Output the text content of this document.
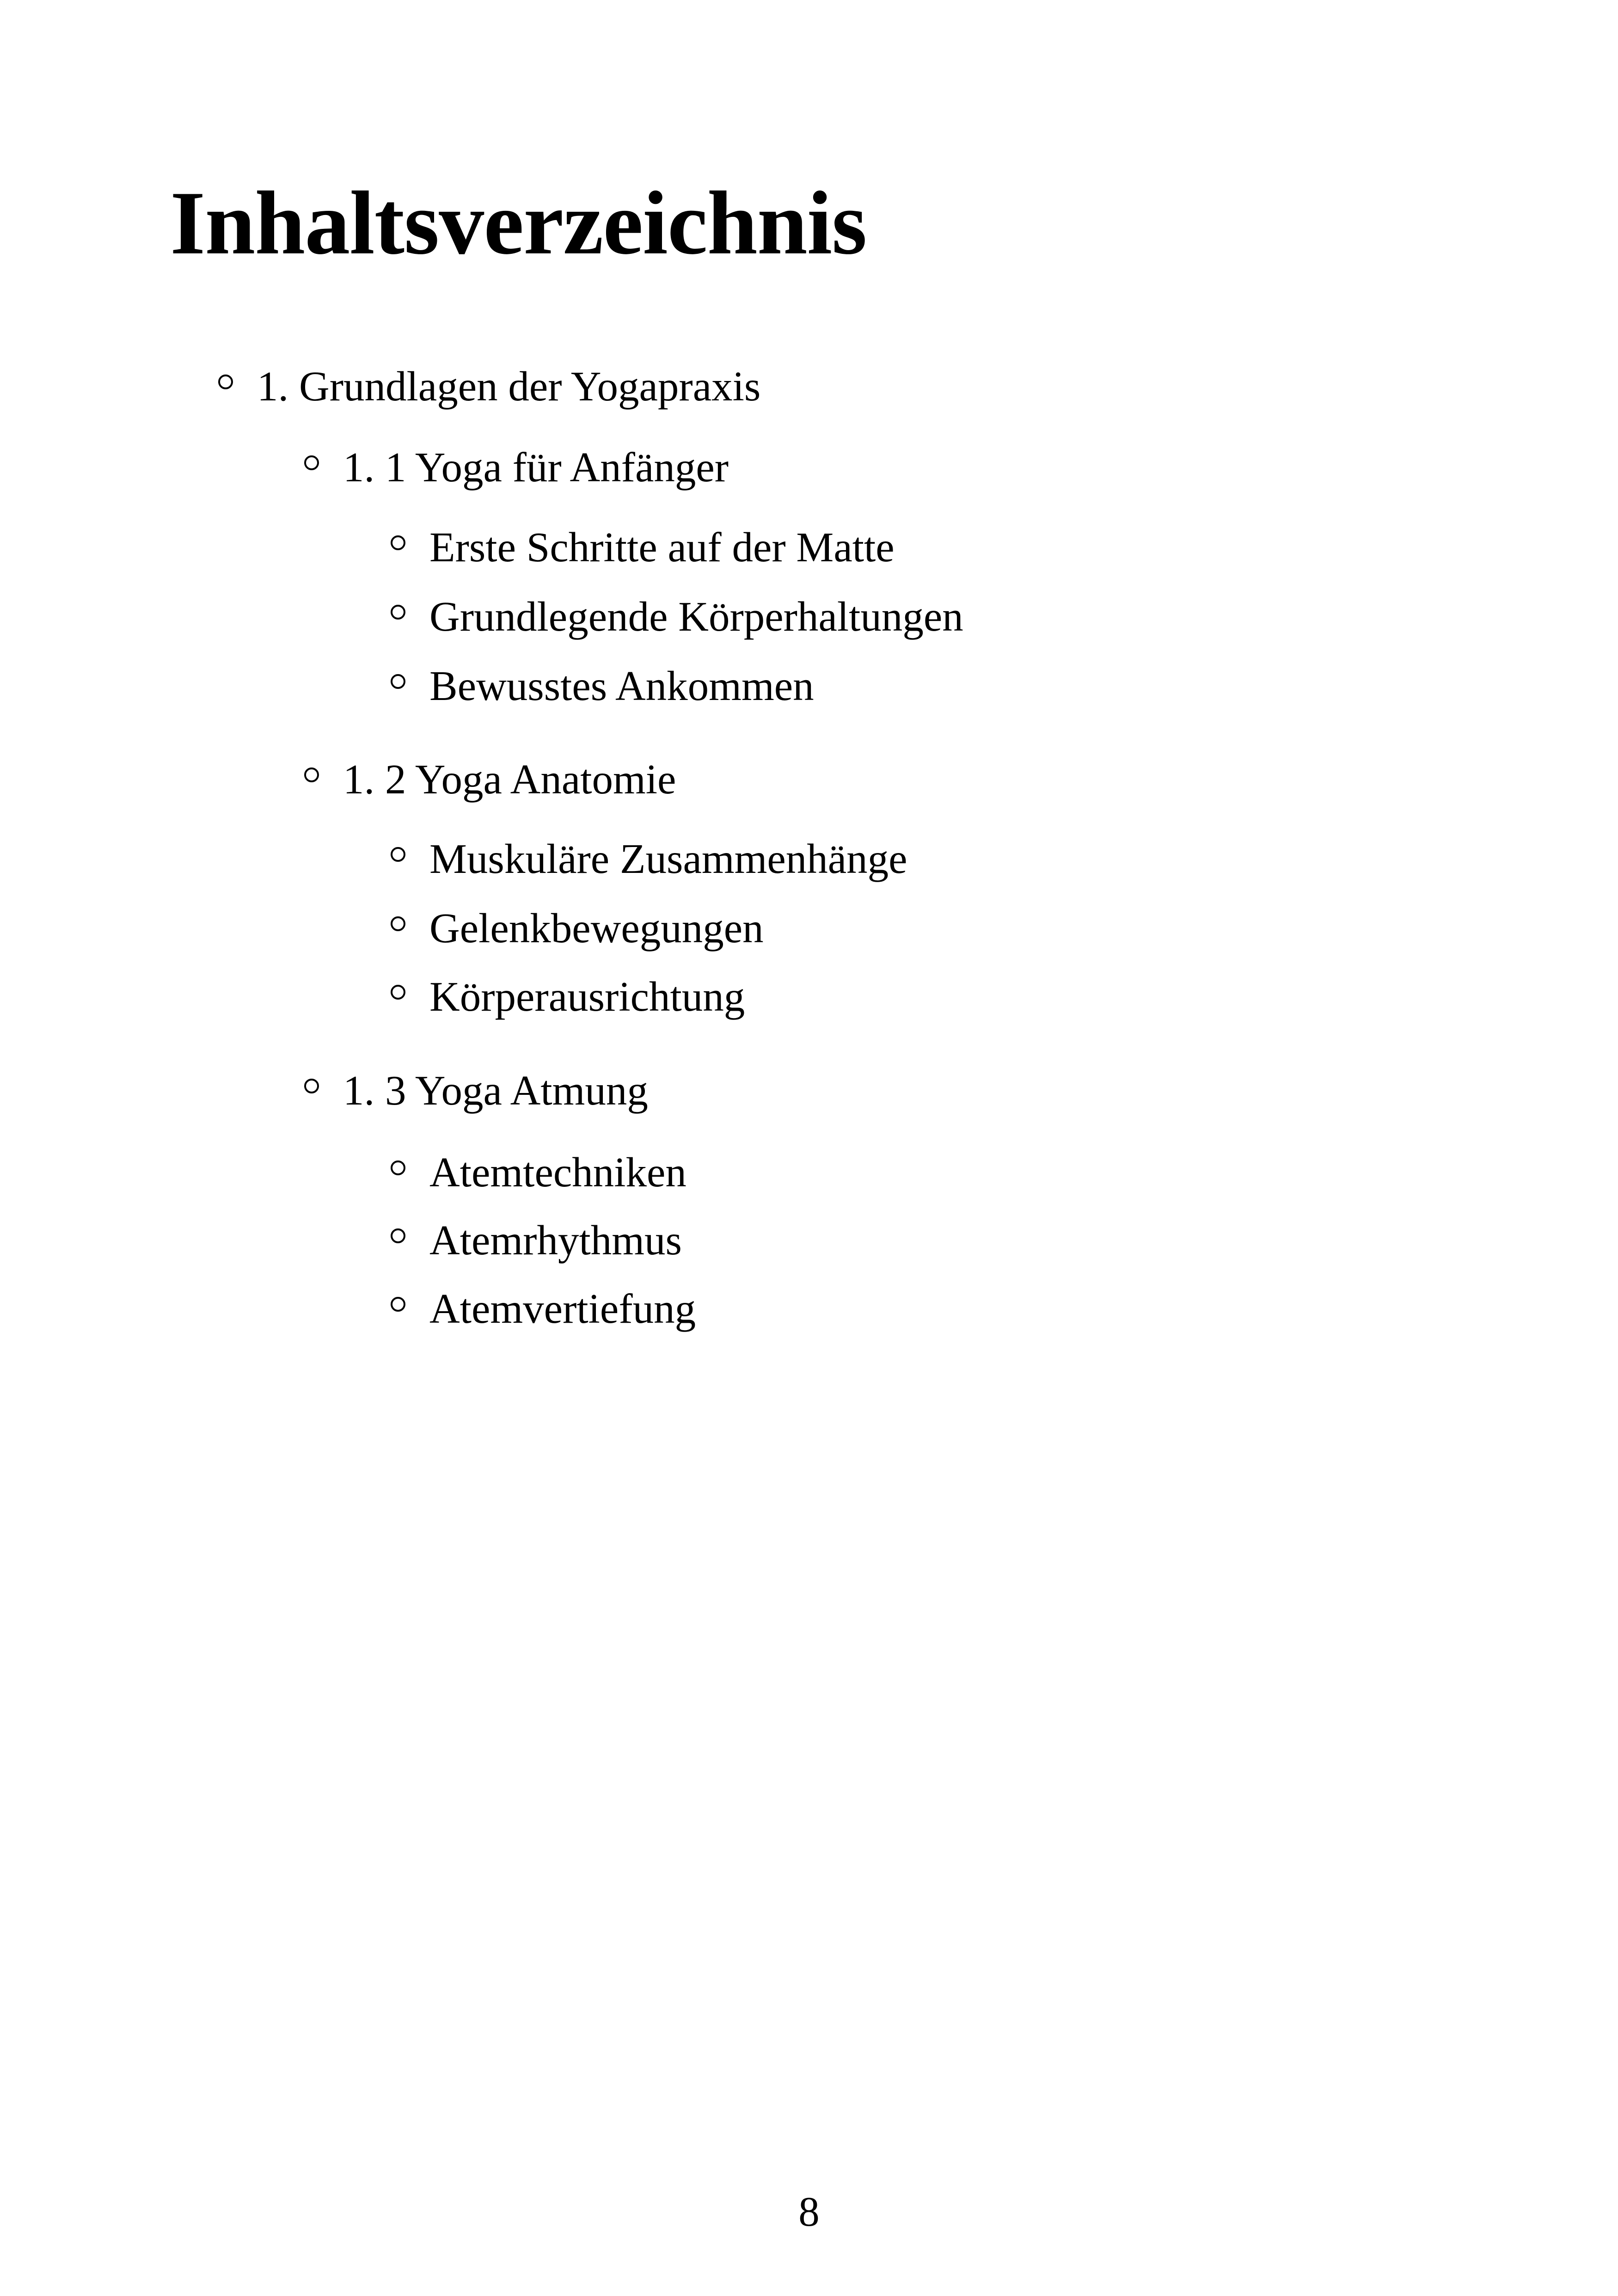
Inhaltsverzeichnis
1. Grundlagen der Yogapraxis
1. 1 Yoga für Anfänger
Erste Schritte auf der Matte
Grundlegende Körperhaltungen
Bewusstes Ankommen
1. 2 Yoga Anatomie
Muskuläre Zusammenhänge
Gelenkbewegungen
Körperausrichtung
1. 3 Yoga Atmung
Atemtechniken
Atemrhythmus
Atemvertiefung
8
